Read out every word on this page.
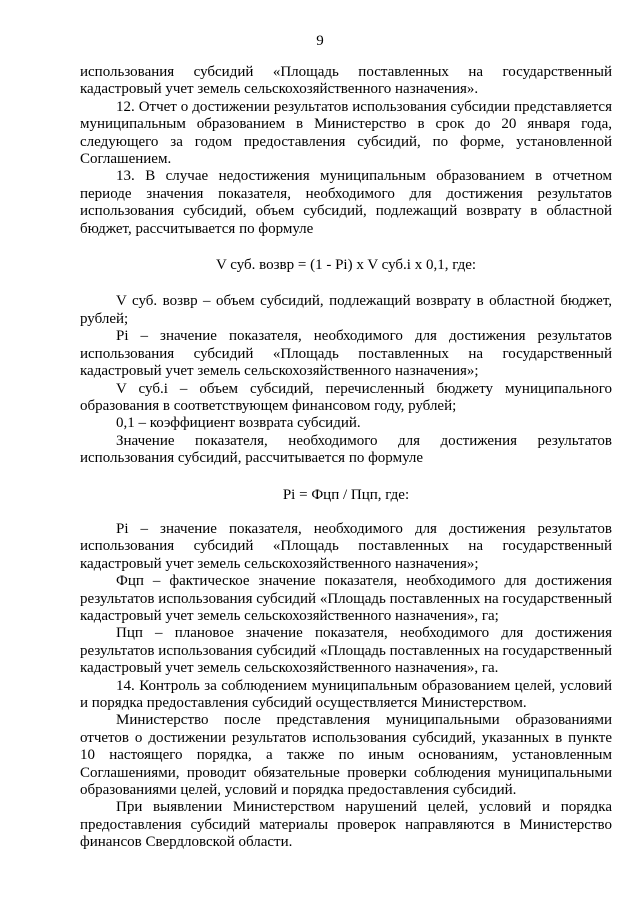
9

использования субсидий «Площадь поставленных на государственный кадастровый учет земель сельскохозяйственного назначения».

12. Отчет о достижении результатов использования субсидии представляется муниципальным образованием в Министерство в срок до 20 января года, следующего за годом предоставления субсидий, по форме, установленной Соглашением.

13. В случае недостижения муниципальным образованием в отчетном периоде значения показателя, необходимого для достижения результатов использования субсидий, объем субсидий, подлежащий возврату в областной бюджет, рассчитывается по формуле

V суб. возвр = (1 - Pi) x V суб.i x 0,1, где:

V суб. возвр – объем субсидий, подлежащий возврату в областной бюджет, рублей;

Pi – значение показателя, необходимого для достижения результатов использования субсидий «Площадь поставленных на государственный кадастровый учет земель сельскохозяйственного назначения»;

V суб.i – объем субсидий, перечисленный бюджету муниципального образования в соответствующем финансовом году, рублей;

0,1 – коэффициент возврата субсидий.

Значение показателя, необходимого для достижения результатов использования субсидий, рассчитывается по формуле

Pi = Фцп / Пцп, где:

Pi – значение показателя, необходимого для достижения результатов использования субсидий «Площадь поставленных на государственный кадастровый учет земель сельскохозяйственного назначения»;

Фцп – фактическое значение показателя, необходимого для достижения результатов использования субсидий «Площадь поставленных на государственный кадастровый учет земель сельскохозяйственного назначения», га;

Пцп – плановое значение показателя, необходимого для достижения результатов использования субсидий «Площадь поставленных на государственный кадастровый учет земель сельскохозяйственного назначения», га.

14. Контроль за соблюдением муниципальным образованием целей, условий и порядка предоставления субсидий осуществляется Министерством.

Министерство после представления муниципальными образованиями отчетов о достижении результатов использования субсидий, указанных в пункте 10 настоящего порядка, а также по иным основаниям, установленным Соглашениями, проводит обязательные проверки соблюдения муниципальными образованиями целей, условий и порядка предоставления субсидий.

При выявлении Министерством нарушений целей, условий и порядка предоставления субсидий материалы проверок направляются в Министерство финансов Свердловской области.
